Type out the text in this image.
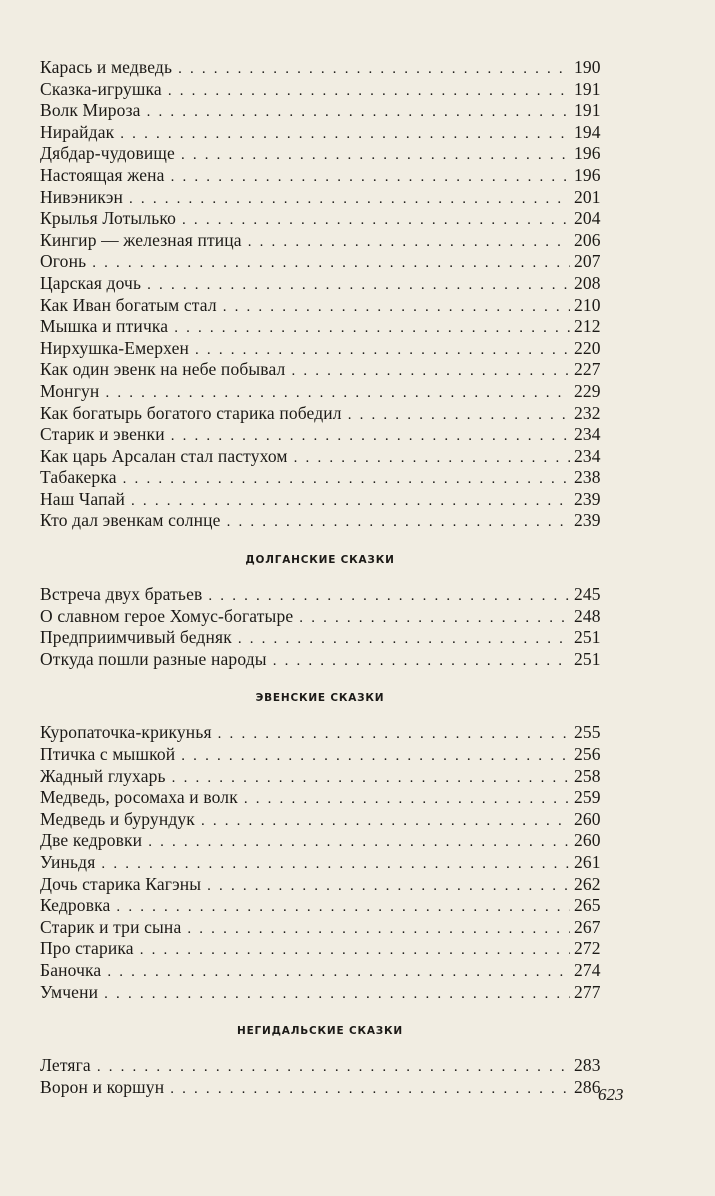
Карась и медведь . . .	190
Сказка-игрушка . . .	191
Волк Мироза . . .	191
Нирайдак . . .	194
Дябдар-чудовище . . .	196
Настоящая жена . . .	196
Нивэникэн . . .	201
Крылья Лотылько . . .	204
Кингир — железная птица . . .	206
Огонь . . .	207
Царская дочь . . .	208
Как Иван богатым стал . . .	210
Мышка и птичка . . .	212
Нирхушка-Емерхен . . .	220
Как один эвенк на небе побывал . . .	227
Монгун . . .	229
Как богатырь богатого старика победил . . .	232
Старик и эвенки . . .	234
Как царь Арсалан стал пастухом . . .	234
Табакерка . . .	238
Наш Чапай . . .	239
Кто дал эвенкам солнце . . .	239
ДОЛГАНСКИЕ СКАЗКИ
Встреча двух братьев . . .	245
О славном герое Хомус-богатыре . . .	248
Предприимчивый бедняк . . .	251
Откуда пошли разные народы . . .	251
ЭВЕНСКИЕ СКАЗКИ
Куропаточка-крикунья . . .	255
Птичка с мышкой . . .	256
Жадный глухарь . . .	258
Медведь, росомаха и волк . . .	259
Медведь и бурундук . . .	260
Две кедровки . . .	260
Уиньдя . . .	261
Дочь старика Кагэны . . .	262
Кедровка . . .	265
Старик и три сына . . .	267
Про старика . . .	272
Баночка . . .	274
Умчени . . .	277
НЕГИДАЛЬСКИЕ СКАЗКИ
Летяга . . .	283
Ворон и коршун . . .	286
623
